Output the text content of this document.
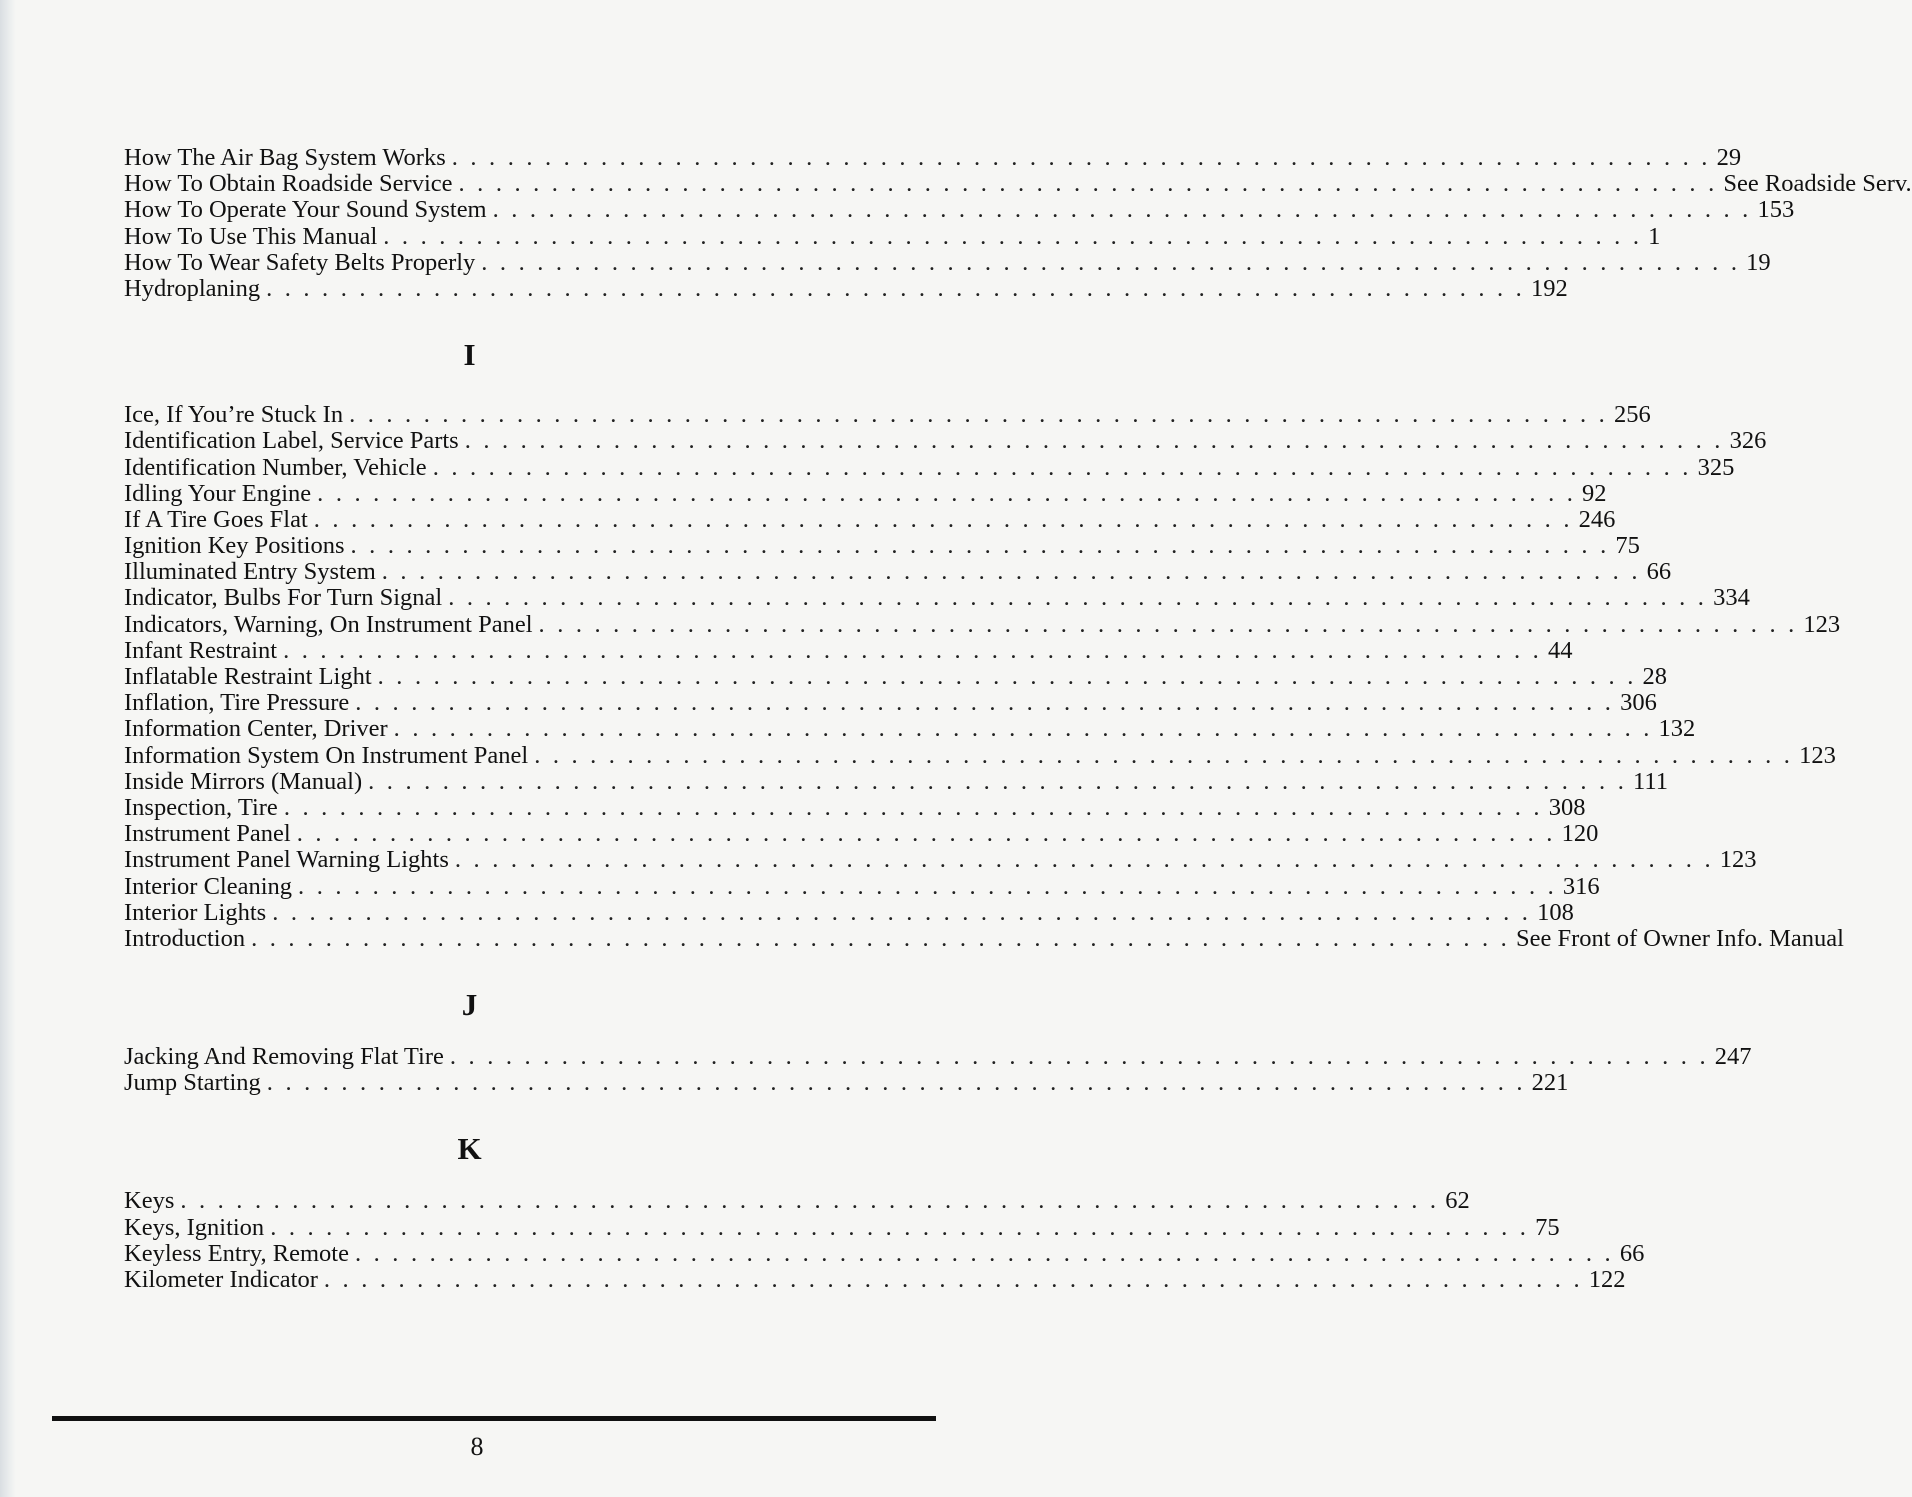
How The Air Bag System Works . . . . . . . . . . . . . . . . . . . . . . . . . . . . . . . . . . . . . . . . . . . . . . . . . . . . . . . . . . . . . . . . . . . . 29
How To Obtain Roadside Service . . . . . . . . . . . . . . . . . . . . . . . . . . . . . . . . . . . . . . . . . . . . . . . . . . . . . . . . . . . . . . . . . . . . See Roadside Serv.
How To Operate Your Sound System . . . . . . . . . . . . . . . . . . . . . . . . . . . . . . . . . . . . . . . . . . . . . . . . . . . . . . . . . . . . . . . . . . . . 153
How To Use This Manual . . . . . . . . . . . . . . . . . . . . . . . . . . . . . . . . . . . . . . . . . . . . . . . . . . . . . . . . . . . . . . . . . . . . 1
How To Wear Safety Belts Properly . . . . . . . . . . . . . . . . . . . . . . . . . . . . . . . . . . . . . . . . . . . . . . . . . . . . . . . . . . . . . . . . . . . . 19
Hydroplaning . . . . . . . . . . . . . . . . . . . . . . . . . . . . . . . . . . . . . . . . . . . . . . . . . . . . . . . . . . . . . . . . . . . . 192
I
Ice, If You’re Stuck In . . . . . . . . . . . . . . . . . . . . . . . . . . . . . . . . . . . . . . . . . . . . . . . . . . . . . . . . . . . . . . . . . . . . 256
Identification Label, Service Parts . . . . . . . . . . . . . . . . . . . . . . . . . . . . . . . . . . . . . . . . . . . . . . . . . . . . . . . . . . . . . . . . . . . . 326
Identification Number, Vehicle . . . . . . . . . . . . . . . . . . . . . . . . . . . . . . . . . . . . . . . . . . . . . . . . . . . . . . . . . . . . . . . . . . . . 325
Idling Your Engine . . . . . . . . . . . . . . . . . . . . . . . . . . . . . . . . . . . . . . . . . . . . . . . . . . . . . . . . . . . . . . . . . . . . 92
If A Tire Goes Flat . . . . . . . . . . . . . . . . . . . . . . . . . . . . . . . . . . . . . . . . . . . . . . . . . . . . . . . . . . . . . . . . . . . . 246
Ignition Key Positions . . . . . . . . . . . . . . . . . . . . . . . . . . . . . . . . . . . . . . . . . . . . . . . . . . . . . . . . . . . . . . . . . . . . 75
Illuminated Entry System . . . . . . . . . . . . . . . . . . . . . . . . . . . . . . . . . . . . . . . . . . . . . . . . . . . . . . . . . . . . . . . . . . . . 66
Indicator, Bulbs For Turn Signal . . . . . . . . . . . . . . . . . . . . . . . . . . . . . . . . . . . . . . . . . . . . . . . . . . . . . . . . . . . . . . . . . . . . 334
Indicators, Warning, On Instrument Panel . . . . . . . . . . . . . . . . . . . . . . . . . . . . . . . . . . . . . . . . . . . . . . . . . . . . . . . . . . . . . . . . . . . . 123
Infant Restraint . . . . . . . . . . . . . . . . . . . . . . . . . . . . . . . . . . . . . . . . . . . . . . . . . . . . . . . . . . . . . . . . . . . . 44
Inflatable Restraint Light . . . . . . . . . . . . . . . . . . . . . . . . . . . . . . . . . . . . . . . . . . . . . . . . . . . . . . . . . . . . . . . . . . . . 28
Inflation, Tire Pressure . . . . . . . . . . . . . . . . . . . . . . . . . . . . . . . . . . . . . . . . . . . . . . . . . . . . . . . . . . . . . . . . . . . . 306
Information Center, Driver . . . . . . . . . . . . . . . . . . . . . . . . . . . . . . . . . . . . . . . . . . . . . . . . . . . . . . . . . . . . . . . . . . . . 132
Information System On Instrument Panel . . . . . . . . . . . . . . . . . . . . . . . . . . . . . . . . . . . . . . . . . . . . . . . . . . . . . . . . . . . . . . . . . . . . 123
Inside Mirrors (Manual) . . . . . . . . . . . . . . . . . . . . . . . . . . . . . . . . . . . . . . . . . . . . . . . . . . . . . . . . . . . . . . . . . . . . 111
Inspection, Tire . . . . . . . . . . . . . . . . . . . . . . . . . . . . . . . . . . . . . . . . . . . . . . . . . . . . . . . . . . . . . . . . . . . . 308
Instrument Panel . . . . . . . . . . . . . . . . . . . . . . . . . . . . . . . . . . . . . . . . . . . . . . . . . . . . . . . . . . . . . . . . . . . . 120
Instrument Panel Warning Lights . . . . . . . . . . . . . . . . . . . . . . . . . . . . . . . . . . . . . . . . . . . . . . . . . . . . . . . . . . . . . . . . . . . . 123
Interior Cleaning . . . . . . . . . . . . . . . . . . . . . . . . . . . . . . . . . . . . . . . . . . . . . . . . . . . . . . . . . . . . . . . . . . . . 316
Interior Lights . . . . . . . . . . . . . . . . . . . . . . . . . . . . . . . . . . . . . . . . . . . . . . . . . . . . . . . . . . . . . . . . . . . . 108
Introduction . . . . . . . . . . . . . . . . . . . . . . . . . . . . . . . . . . . . . . . . . . . . . . . . . . . . . . . . . . . . . . . . . . . . See Front of Owner Info. Manual
J
Jacking And Removing Flat Tire . . . . . . . . . . . . . . . . . . . . . . . . . . . . . . . . . . . . . . . . . . . . . . . . . . . . . . . . . . . . . . . . . . . . 247
Jump Starting . . . . . . . . . . . . . . . . . . . . . . . . . . . . . . . . . . . . . . . . . . . . . . . . . . . . . . . . . . . . . . . . . . . . 221
K
Keys . . . . . . . . . . . . . . . . . . . . . . . . . . . . . . . . . . . . . . . . . . . . . . . . . . . . . . . . . . . . . . . . . . . . 62
Keys, Ignition . . . . . . . . . . . . . . . . . . . . . . . . . . . . . . . . . . . . . . . . . . . . . . . . . . . . . . . . . . . . . . . . . . . . 75
Keyless Entry, Remote . . . . . . . . . . . . . . . . . . . . . . . . . . . . . . . . . . . . . . . . . . . . . . . . . . . . . . . . . . . . . . . . . . . . 66
Kilometer Indicator . . . . . . . . . . . . . . . . . . . . . . . . . . . . . . . . . . . . . . . . . . . . . . . . . . . . . . . . . . . . . . . . . . . . 122
8
